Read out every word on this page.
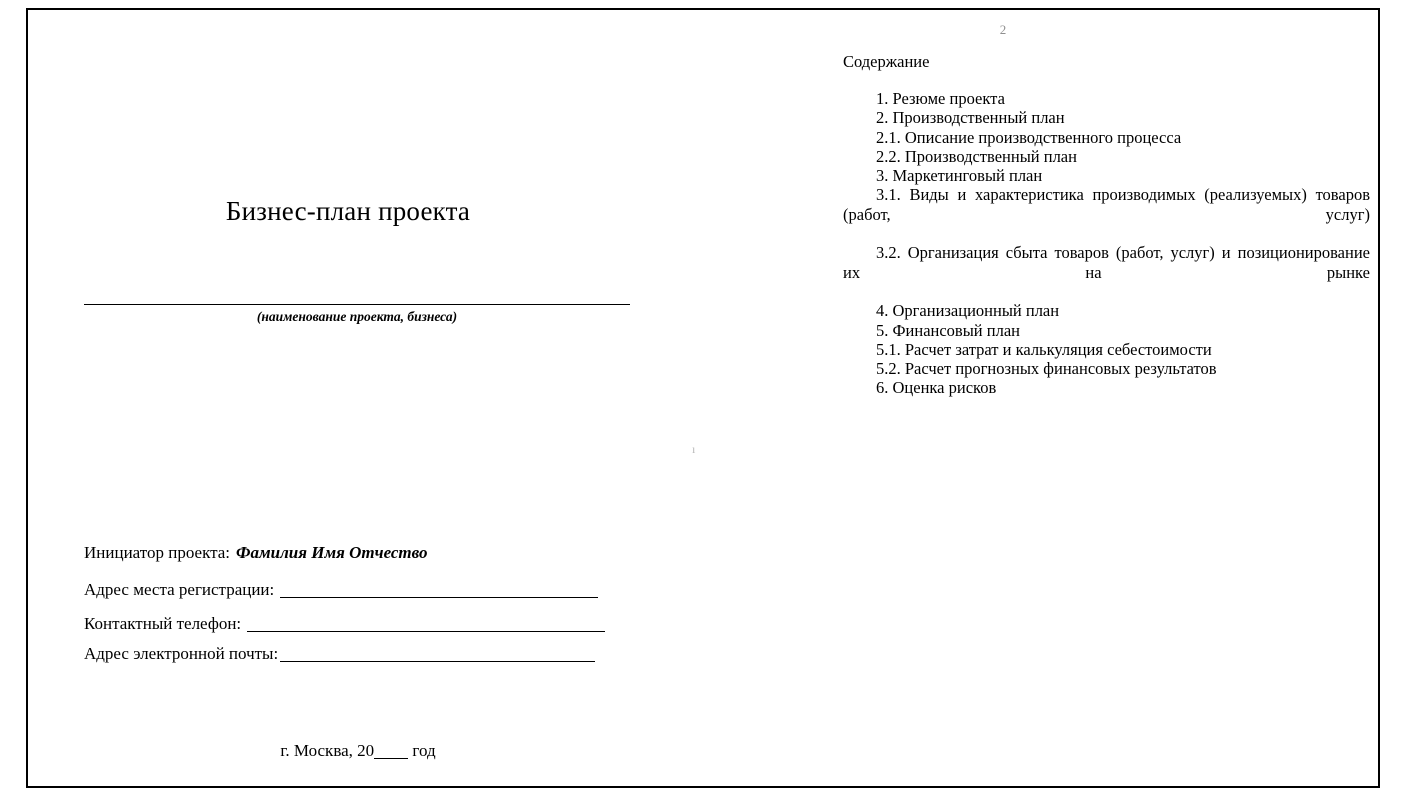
Бизнес-план проекта
(наименование проекта, бизнеса)
Инициатор проекта: Фамилия Имя Отчество
Адрес места регистрации:
Контактный телефон:
Адрес электронной почты:
г. Москва, 20 год
ı
2
Содержание

1. Резюме проекта

2. Производственный план

2.1. Описание производственного процесса

2.2. Производственный план

3. Маркетинговый план

3.1. Виды и характеристика производимых (реализуемых) товаров (работ, услуг)

3.2. Организация сбыта товаров (работ, услуг) и позиционирование их на рынке

4. Организационный план

5. Финансовый план

5.1. Расчет затрат и калькуляция себестоимости

5.2. Расчет прогнозных финансовых результатов

6. Оценка рисков
